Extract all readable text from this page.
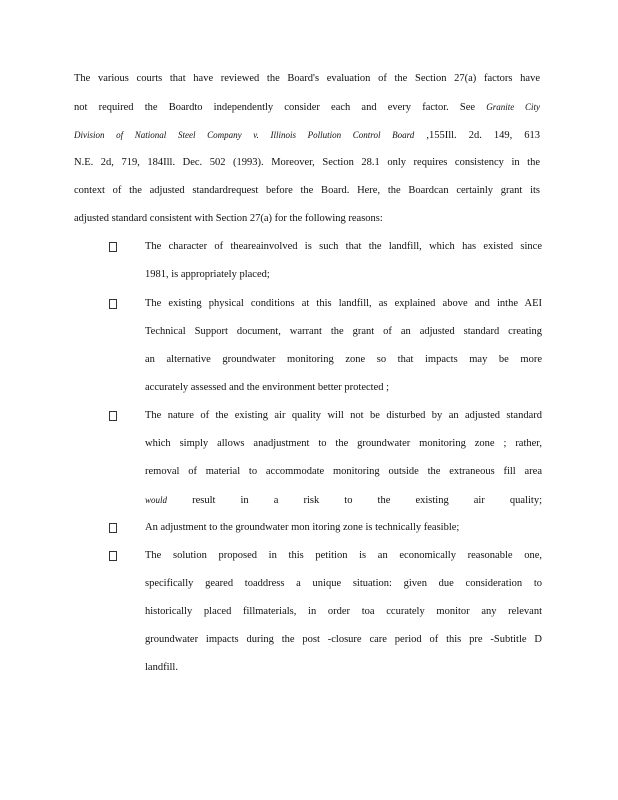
The various courts that have reviewed the Board's evaluation of the Section 27(a) factors have
not required the Boardto independently consider each and every factor. See Granite City
Division of National Steel Company v. Illinois Pollution Control Board ,155Ill. 2d. 149, 613
N.E. 2d, 719, 184Ill. Dec. 502 (1993). Moreover, Section 28.1 only requires consistency in the
context of the adjusted standardrequest before the Board. Here, the Boardcan certainly grant its
adjusted standard consistent with Section 27(a) for the following reasons:
The character of theareainvolved is such that the landfill, which has existed since
1981, is appropriately placed;
The existing physical conditions at this landfill, as explained above and inthe AEI
Technical Support document, warrant the grant of an adjusted standard creating
an alternative groundwater monitoring zone so that impacts may be more
accurately assessed and the environment better protected ;
The nature of the existing air quality will not be disturbed by an adjusted standard
which simply allows anadjustment to the groundwater monitoring zone ; rather,
removal of material to accommodate monitoring outside the extraneous fill area
would result in a risk to the existing air quality;
An adjustment to the groundwater mon itoring zone is technically feasible;
The solution proposed in this petition is an economically reasonable one,
specifically geared toaddress a unique situation: given due consideration to
historically placed fillmaterials, in order toa ccurately monitor any relevant
groundwater impacts during the post -closure care period of this pre -Subtitle D
landfill.
